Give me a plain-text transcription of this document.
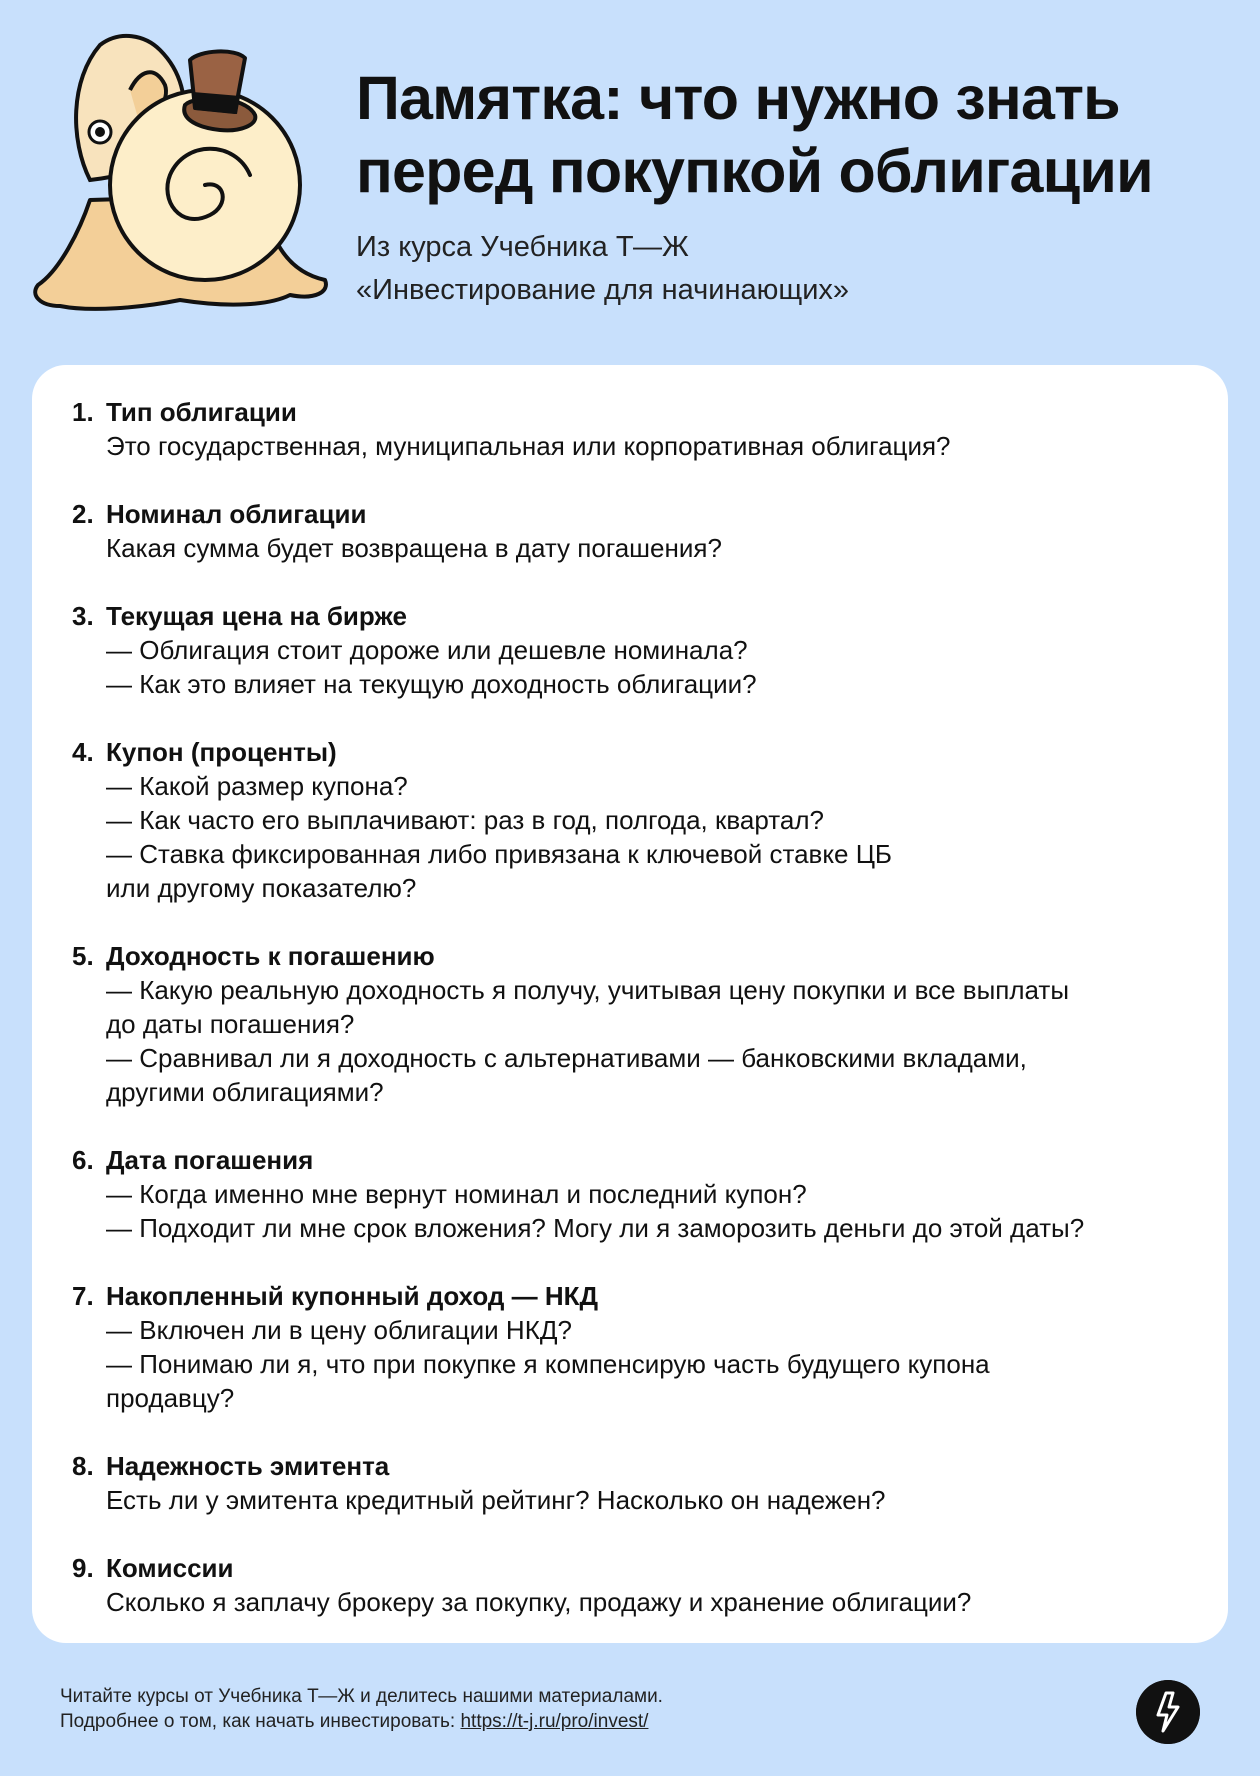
Памятка: что нужно знать
перед покупкой облигации
Из курса Учебника Т—Ж
«Инвестирование для начинающих»
1. Тип облигации
Это государственная, муниципальная или корпоративная облигация?
2. Номинал облигации
Какая сумма будет возвращена в дату погашения?
3. Текущая цена на бирже
— Облигация стоит дороже или дешевле номинала?
— Как это влияет на текущую доходность облигации?
4. Купон (проценты)
— Какой размер купона?
— Как часто его выплачивают: раз в год, полгода, квартал?
— Ставка фиксированная либо привязана к ключевой ставке ЦБ
или другому показателю?
5. Доходность к погашению
— Какую реальную доходность я получу, учитывая цену покупки и все выплаты
до даты погашения?
— Сравнивал ли я доходность с альтернативами — банковскими вкладами,
другими облигациями?
6. Дата погашения
— Когда именно мне вернут номинал и последний купон?
— Подходит ли мне срок вложения? Могу ли я заморозить деньги до этой даты?
7. Накопленный купонный доход — НКД
— Включен ли в цену облигации НКД?
— Понимаю ли я, что при покупке я компенсирую часть будущего купона
продавцу?
8. Надежность эмитента
Есть ли у эмитента кредитный рейтинг? Насколько он надежен?
9. Комиссии
Сколько я заплачу брокеру за покупку, продажу и хранение облигации?
Читайте курсы от Учебника Т—Ж и делитесь нашими материалами.
Подробнее о том, как начать инвестировать: https://t-j.ru/pro/invest/
